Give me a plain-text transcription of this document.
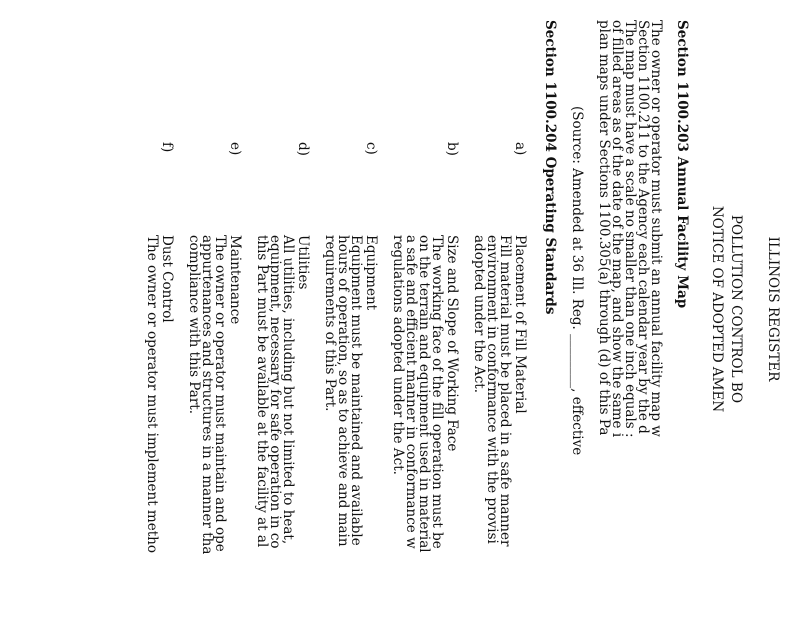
ILLINOIS REGISTER
POLLUTION CONTROL BO
NOTICE OF ADOPTED AMEN
Section 1100.203 Annual Facility Map
The owner or operator must submit an annual facility map w
Section 1100.211 to the Agency each calendar year by the d
The map must have a scale no smaller than one inch equals :
of filled areas as of the date of the map, and show the same i
plan maps under Sections 1100.305(a) through (d) of this Pa
(Source: Amended at 36 Ill. Reg. ________, effective
Section 1100.204 Operating Standards
a)
Placement of Fill Material
Fill material must be placed in a safe manner
environment in conformance with the provisi
adopted under the Act.
b)
Size and Slope of Working Face
The working face of the fill operation must be
on the terrain and equipment used in material
a safe and efficient manner in conformance w
regulations adopted under the Act.
c)
Equipment
Equipment must be maintained and available
hours of operation, so as to achieve and main
requirements of this Part.
d)
Utilities
All utilities, including but not limited to heat,
equipment, necessary for safe operation in co
this Part must be available at the facility at al
e)
Maintenance
The owner or operator must maintain and ope
appurtenances and structures in a manner tha
compliance with this Part.
f)
Dust Control
The owner or operator must implement metho
